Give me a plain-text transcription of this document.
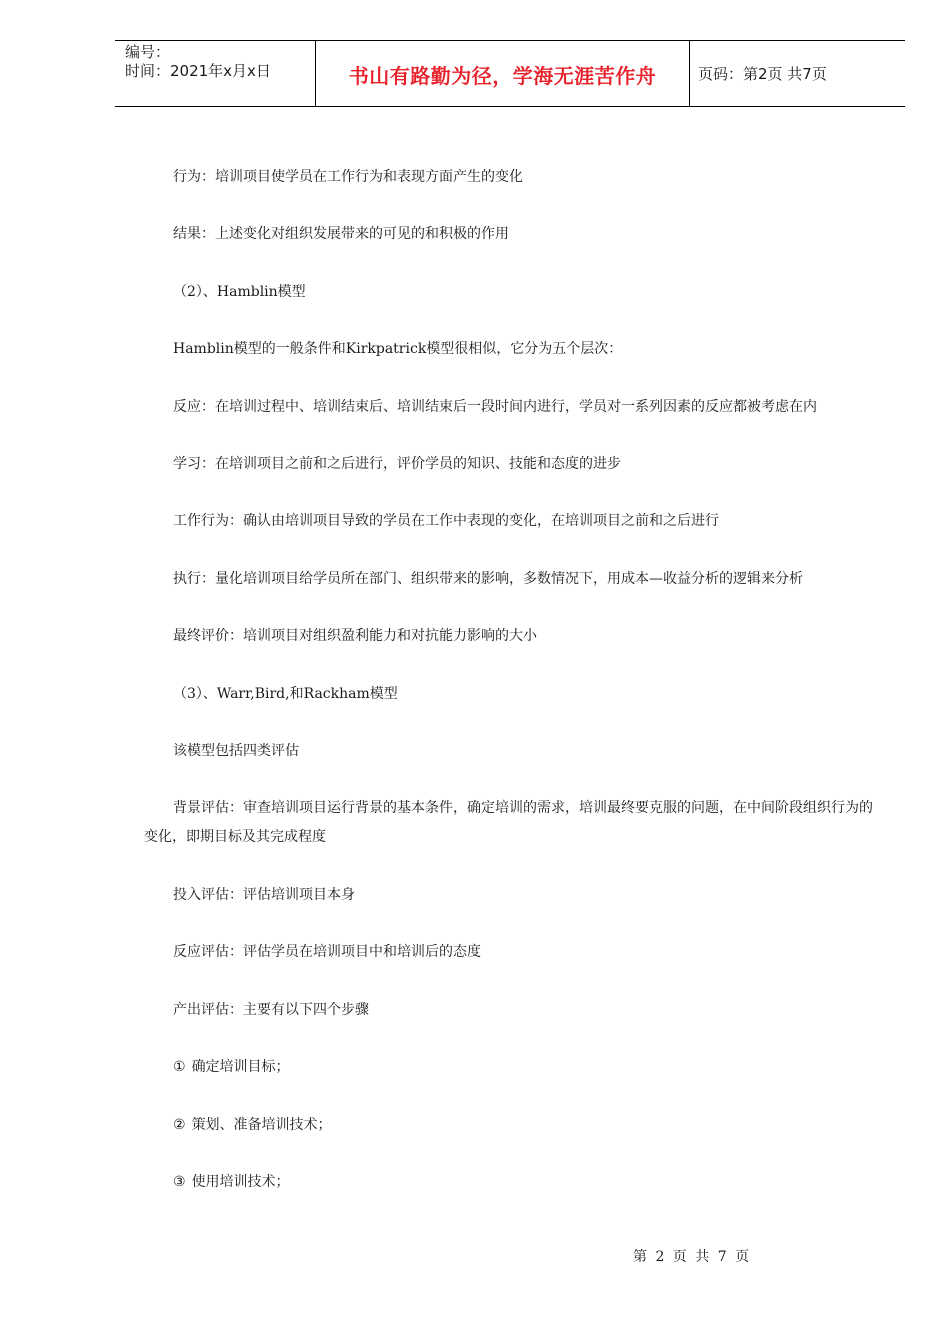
编号：
时间：2021年x月x日	书山有路勤为径，学海无涯苦作舟	页码：第2页 共7页

行为：培训项目使学员在工作行为和表现方面产生的变化

结果：上述变化对组织发展带来的可见的和积极的作用

（2）、Hamblin模型

Hamblin模型的一般条件和Kirkpatrick模型很相似，它分为五个层次：

反应：在培训过程中、培训结束后、培训结束后一段时间内进行，学员对一系列因素的反应都被考虑在内

学习：在培训项目之前和之后进行，评价学员的知识、技能和态度的进步

工作行为：确认由培训项目导致的学员在工作中表现的变化，在培训项目之前和之后进行

执行：量化培训项目给学员所在部门、组织带来的影响，多数情况下，用成本—收益分析的逻辑来分析

最终评价：培训项目对组织盈利能力和对抗能力影响的大小

（3）、Warr,Bird,和Rackham模型

该模型包括四类评估

背景评估：审查培训项目运行背景的基本条件，确定培训的需求，培训最终要克服的问题，在中间阶段组织行为的变化，即期目标及其完成程度

投入评估：评估培训项目本身

反应评估：评估学员在培训项目中和培训后的态度

产出评估：主要有以下四个步骤

① 确定培训目标；

② 策划、准备培训技术；

③ 使用培训技术；

第 2 页 共 7 页
